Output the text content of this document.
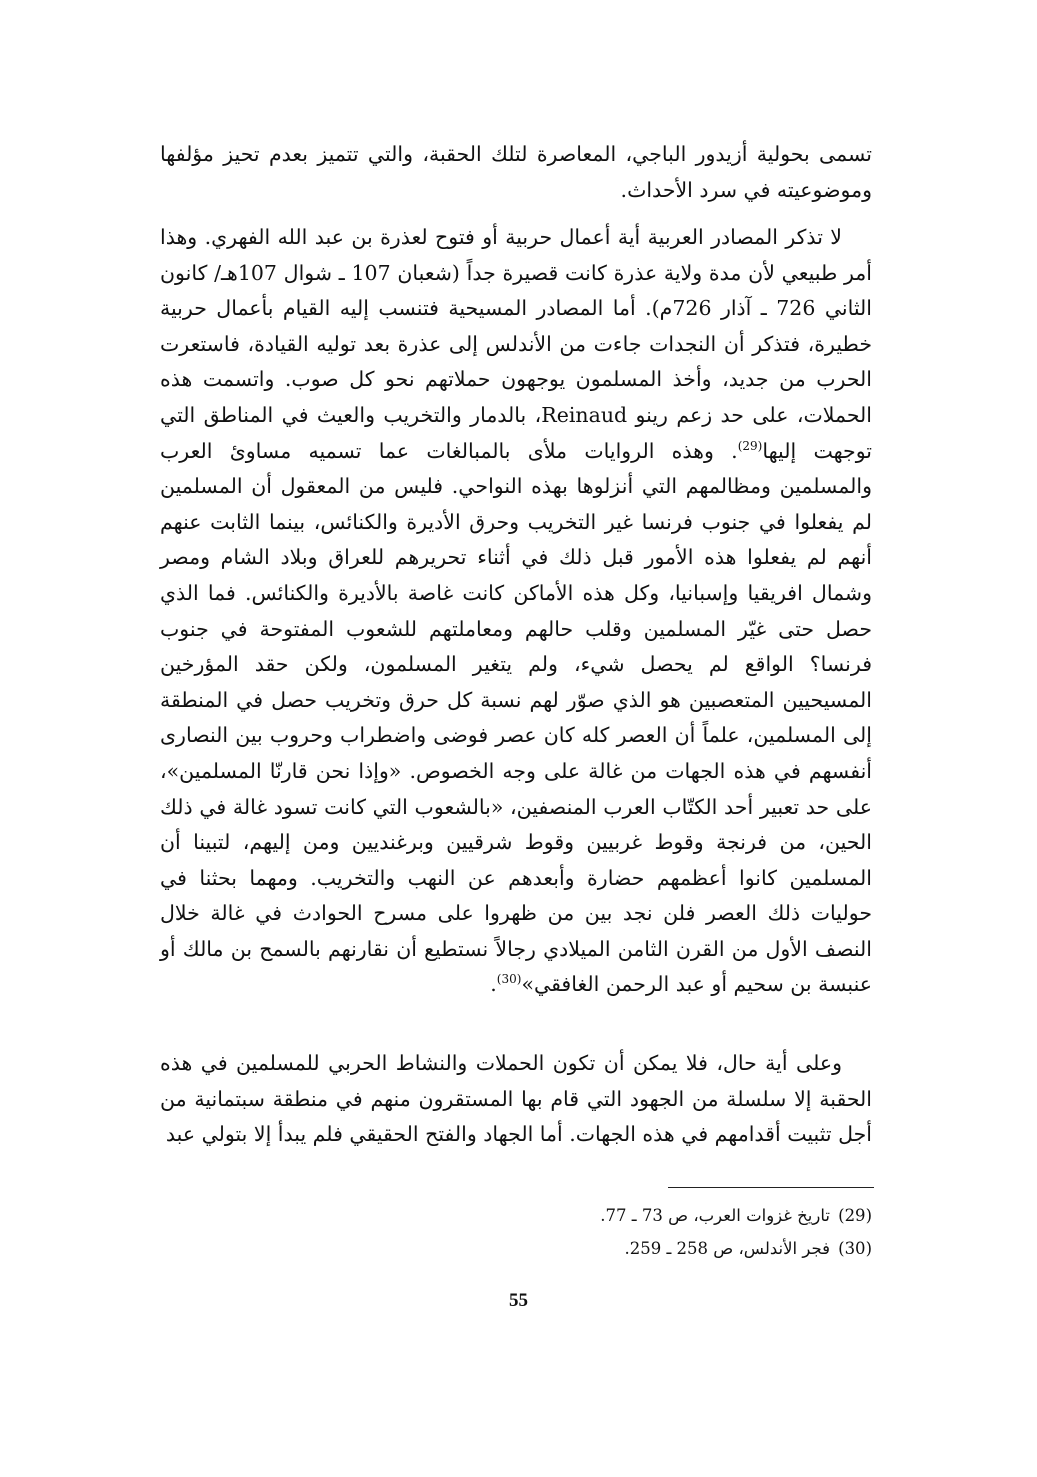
تسمى بحولية أزيدور الباجي، المعاصرة لتلك الحقبة، والتي تتميز بعدم تحيز مؤلفها وموضوعيته في سرد الأحداث.

لا تذكر المصادر العربية أية أعمال حربية أو فتوح لعذرة بن عبد الله الفهري. وهذا أمر طبيعي لأن مدة ولاية عذرة كانت قصيرة جداً (شعبان 107 ـ شوال 107هـ/ كانون الثاني 726 ـ آذار 726م). أما المصادر المسيحية فتنسب إليه القيام بأعمال حربية خطيرة، فتذكر أن النجدات جاءت من الأندلس إلى عذرة بعد توليه القيادة، فاستعرت الحرب من جديد، وأخذ المسلمون يوجهون حملاتهم نحو كل صوب. واتسمت هذه الحملات، على حد زعم رينو Reinaud، بالدمار والتخريب والعيث في المناطق التي توجهت إليها$^{(29)}$. وهذه الروايات ملأى بالمبالغات عما تسميه مساوئ العرب والمسلمين ومظالمهم التي أنزلوها بهذه النواحي. فليس من المعقول أن المسلمين لم يفعلوا في جنوب فرنسا غير التخريب وحرق الأديرة والكنائس، بينما الثابت عنهم أنهم لم يفعلوا هذه الأمور قبل ذلك في أثناء تحريرهم للعراق وبلاد الشام ومصر وشمال افريقيا وإسبانيا، وكل هذه الأماكن كانت غاصة بالأديرة والكنائس. فما الذي حصل حتى غيّر المسلمين وقلب حالهم ومعاملتهم للشعوب المفتوحة في جنوب فرنسا؟ الواقع لم يحصل شيء، ولم يتغير المسلمون، ولكن حقد المؤرخين المسيحيين المتعصبين هو الذي صوّر لهم نسبة كل حرق وتخريب حصل في المنطقة إلى المسلمين، علماً أن العصر كله كان عصر فوضى واضطراب وحروب بين النصارى أنفسهم في هذه الجهات من غالة على وجه الخصوص. «وإذا نحن قارنّا المسلمين»، على حد تعبير أحد الكتّاب العرب المنصفين، «بالشعوب التي كانت تسود غالة في ذلك الحين، من فرنجة وقوط غربيين وقوط شرقيين وبرغنديين ومن إليهم، لتبينا أن المسلمين كانوا أعظمهم حضارة وأبعدهم عن النهب والتخريب. ومهما بحثنا في حوليات ذلك العصر فلن نجد بين من ظهروا على مسرح الحوادث في غالة خلال النصف الأول من القرن الثامن الميلادي رجالاً نستطيع أن نقارنهم بالسمح بن مالك أو عنبسة بن سحيم أو عبد الرحمن الغافقي»$^{(30)}$.

وعلى أية حال، فلا يمكن أن تكون الحملات والنشاط الحربي للمسلمين في هذه الحقبة إلا سلسلة من الجهود التي قام بها المستقرون منهم في منطقة سبتمانية من أجل تثبيت أقدامهم في هذه الجهات. أما الجهاد والفتح الحقيقي فلم يبدأ إلا بتولي عبد

(29)تاريخ غزوات العرب، ص 73 ـ 77.
(30)فجر الأندلس، ص 258 ـ 259.
55
